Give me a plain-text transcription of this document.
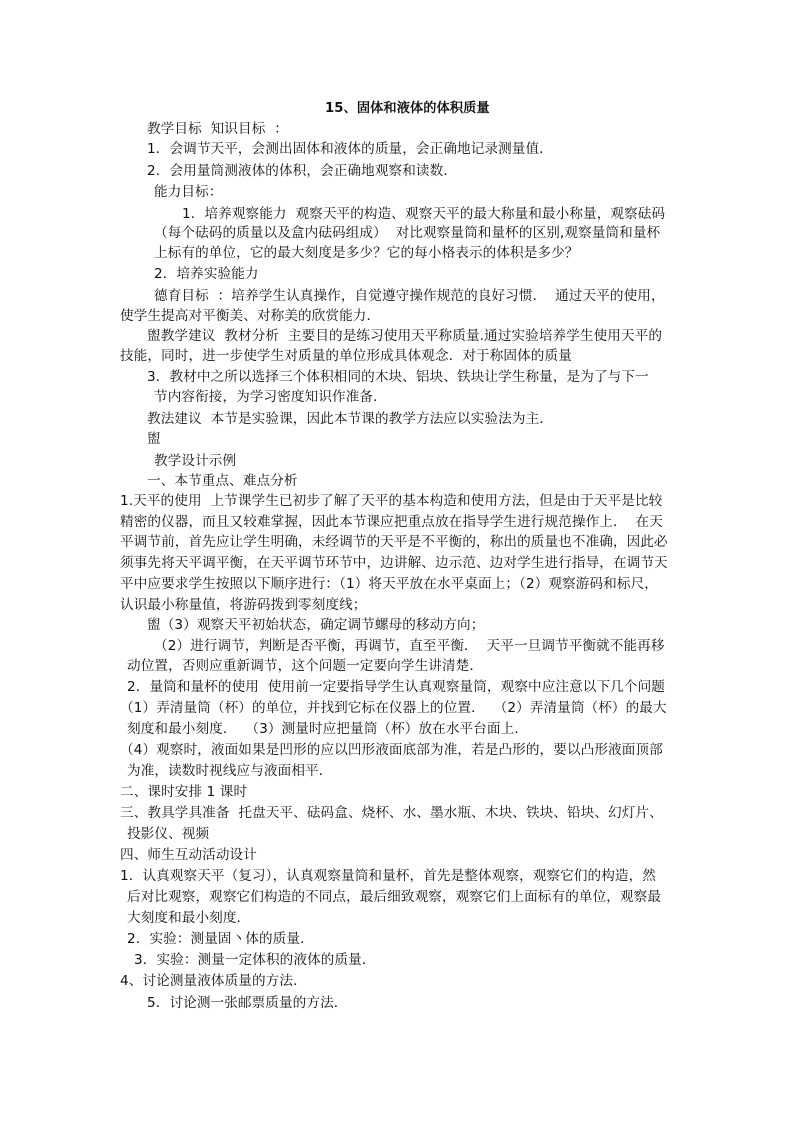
15、固体和液体的体积质量
教学目标  知识目标  ：
1．会调节天平，会测出固体和液体的质量，会正确地记录测量值．
2．会用量筒测液体的体积，会正确地观察和读数．
能力目标：
1．培养观察能力  观察天平的构造、观察天平的最大称量和最小称量，观察砝码
（每个砝码的质量以及盒内砝码组成）  对比观察量筒和量杯的区别,观察量筒和量杯
上标有的单位，它的最大刻度是多少？它的每小格表示的体积是多少？
2．培养实验能力
德育目标  ：培养学生认真操作，自觉遵守操作规范的良好习惯．  通过天平的使用，
使学生提高对平衡美、对称美的欣赏能力．
盥教学建议  教材分析  主要目的是练习使用天平称质量.通过实验培养学生使用天平的
技能，同时，进一步使学生对质量的单位形成具体观念．对于称固体的质量
3．教材中之所以选择三个体积相同的木块、铝块、铁块让学生称量，是为了与下一
节内容衔接，为学习密度知识作准备．
教法建议  本节是实验课，因此本节课的教学方法应以实验法为主．
盥
教学设计示例
一、本节重点、难点分析
1.天平的使用  上节课学生已初步了解了天平的基本构造和使用方法，但是由于天平是比较
精密的仪器，而且又较难掌握，因此本节课应把重点放在指导学生进行规范操作上．  在天
平调节前，首先应让学生明确，未经调节的天平是不平衡的，称出的质量也不准确，因此必
须事先将天平调平衡，在天平调节环节中，边讲解、边示范、边对学生进行指导，在调节天
平中应要求学生按照以下顺序进行：（1）将天平放在水平桌面上；（2）观察游码和标尺，
认识最小称量值，将游码拨到零刻度线；
盥（3）观察天平初始状态，确定调节螺母的移动方向；
（2）进行调节，判断是否平衡，再调节，直至平衡．  天平一旦调节平衡就不能再移
动位置，否则应重新调节，这个问题一定要向学生讲清楚．
2．量筒和量杯的使用  使用前一定要指导学生认真观察量筒，观察中应注意以下几个问题
（1）弄清量筒（杯）的单位，并找到它标在仪器上的位置．  （2）弄清量筒（杯）的最大
刻度和最小刻度．  （3）测量时应把量筒（杯）放在水平台面上．
（4）观察时，液面如果是凹形的应以凹形液面底部为准，若是凸形的，要以凸形液面顶部
为准，读数时视线应与液面相平．
二、课时安排 1 课时
三、教具学具准备  托盘天平、砝码盒、烧杯、水、墨水瓶、木块、铁块、铅块、幻灯片、
投影仪、视频
四、师生互动活动设计
1．认真观察天平（复习），认真观察量筒和量杯，首先是整体观察，观察它们的构造，然
后对比观察，观察它们构造的不同点，最后细致观察，观察它们上面标有的单位，观察最
大刻度和最小刻度．
2．实验：测量固丶体的质量．
3．实验：测量一定体积的液体的质量．
4、讨论测量液体质量的方法．
5．讨论测一张邮票质量的方法．
